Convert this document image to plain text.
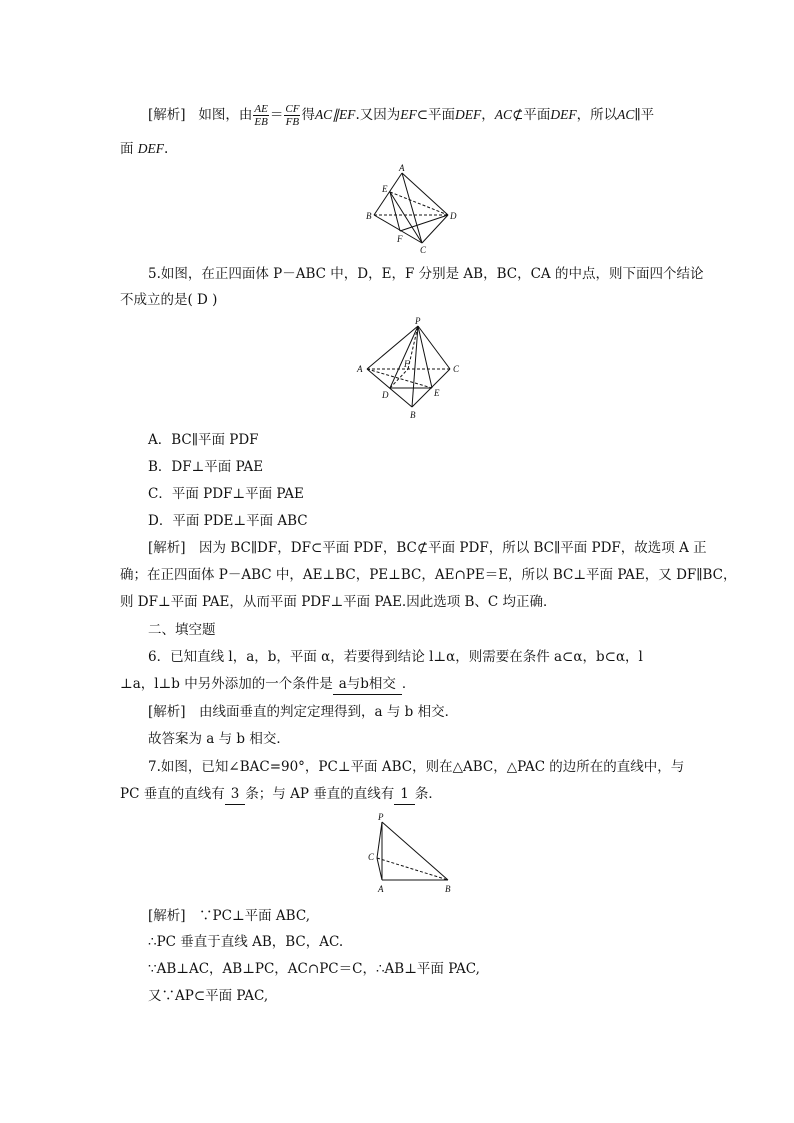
[解析] 如图，由 $\frac{AE}{EB} = \frac{CF}{FB}$ 得AC∥EF.又因为EF⊂平面DEF，AC⊄平面DEF，所以AC∥平
面 DEF.
A
E
B	D
F
C
5.如图，在正四面体 P－ABC 中，D，E，F 分别是 AB，BC，CA 的中点，则下面四个结论
不成立的是( D )
P
A	C
F
D	E
B
A．BC∥平面 PDF
B．DF⊥平面 PAE
C．平面 PDF⊥平面 PAE
D．平面 PDE⊥平面 ABC
[解析]　因为 BC∥DF，DF⊂平面 PDF，BC⊄平面 PDF，所以 BC∥平面 PDF，故选项 A 正
确；在正四面体 P－ABC 中，AE⊥BC，PE⊥BC，AE∩PE＝E，所以 BC⊥平面 PAE，又 DF∥BC，
则 DF⊥平面 PAE，从而平面 PDF⊥平面 PAE.因此选项 B、C 均正确．
二、填空题
6．已知直线 l，a，b，平面 α，若要得到结论 l⊥α，则需要在条件 a⊂α，b⊂α，l
⊥a，l⊥b 中另外添加的一个条件是 a与b相交 ．
[解析]　由线面垂直的判定定理得到，a 与 b 相交．
故答案为 a 与 b 相交．
7.如图，已知∠BAC=90°，PC⊥平面 ABC，则在△ABC，△PAC 的边所在的直线中，与
PC 垂直的直线有 3 条；与 AP 垂直的直线有 1 条．
P
C
A	B
[解析]　∵PC⊥平面 ABC,
∴PC 垂直于直线 AB，BC，AC.
∵AB⊥AC，AB⊥PC，AC∩PC＝C，∴AB⊥平面 PAC,
又∵AP⊂平面 PAC,
